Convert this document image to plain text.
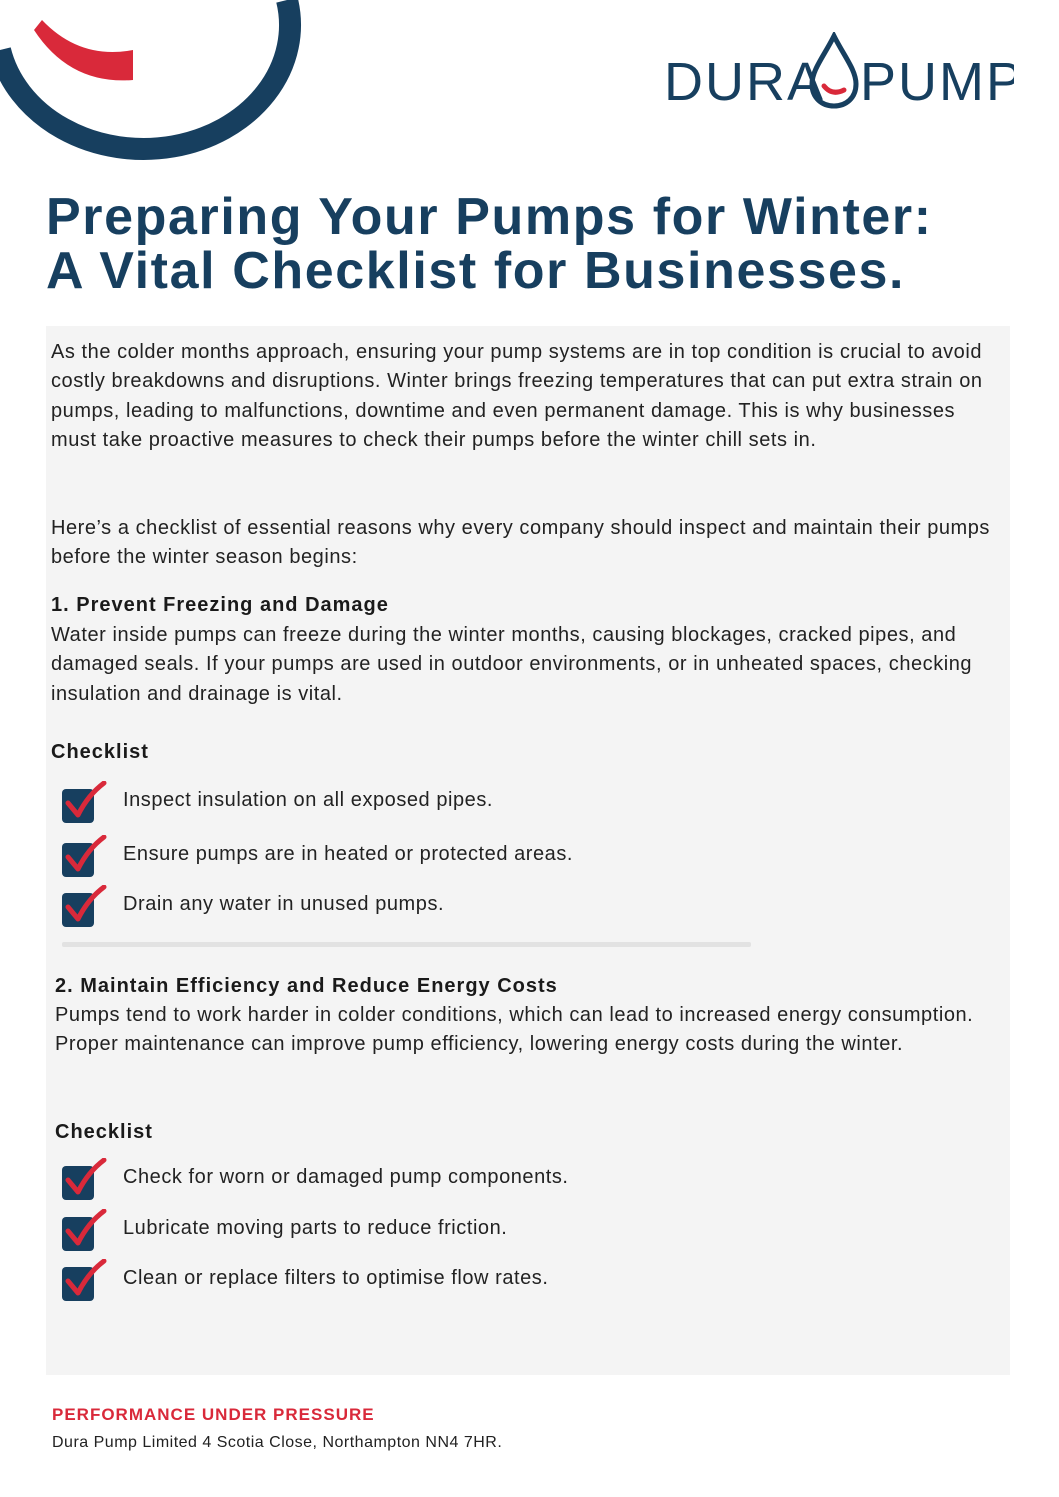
DURA PUMP
Preparing Your Pumps for Winter:
A Vital Checklist for Businesses.

As the colder months approach, ensuring your pump systems are in top condition is crucial to avoid costly breakdowns and disruptions. Winter brings freezing temperatures that can put extra strain on pumps, leading to malfunctions, downtime and even permanent damage. This is why businesses must take proactive measures to check their pumps before the winter chill sets in.

Here’s a checklist of essential reasons why every company should inspect and maintain their pumps before the winter season begins:

1. Prevent Freezing and Damage

Water inside pumps can freeze during the winter months, causing blockages, cracked pipes, and damaged seals. If your pumps are used in outdoor environments, or in unheated spaces, checking insulation and drainage is vital.

Checklist
Inspect insulation on all exposed pipes.
Ensure pumps are in heated or protected areas.
Drain any water in unused pumps.
2. Maintain Efficiency and Reduce Energy Costs

Pumps tend to work harder in colder conditions, which can lead to increased energy consumption. Proper maintenance can improve pump efficiency, lowering energy costs during the winter.

Checklist
Check for worn or damaged pump components.
Lubricate moving parts to reduce friction.
Clean or replace filters to optimise flow rates.
PERFORMANCE UNDER PRESSURE
Dura Pump Limited 4 Scotia Close, Northampton NN4 7HR.
